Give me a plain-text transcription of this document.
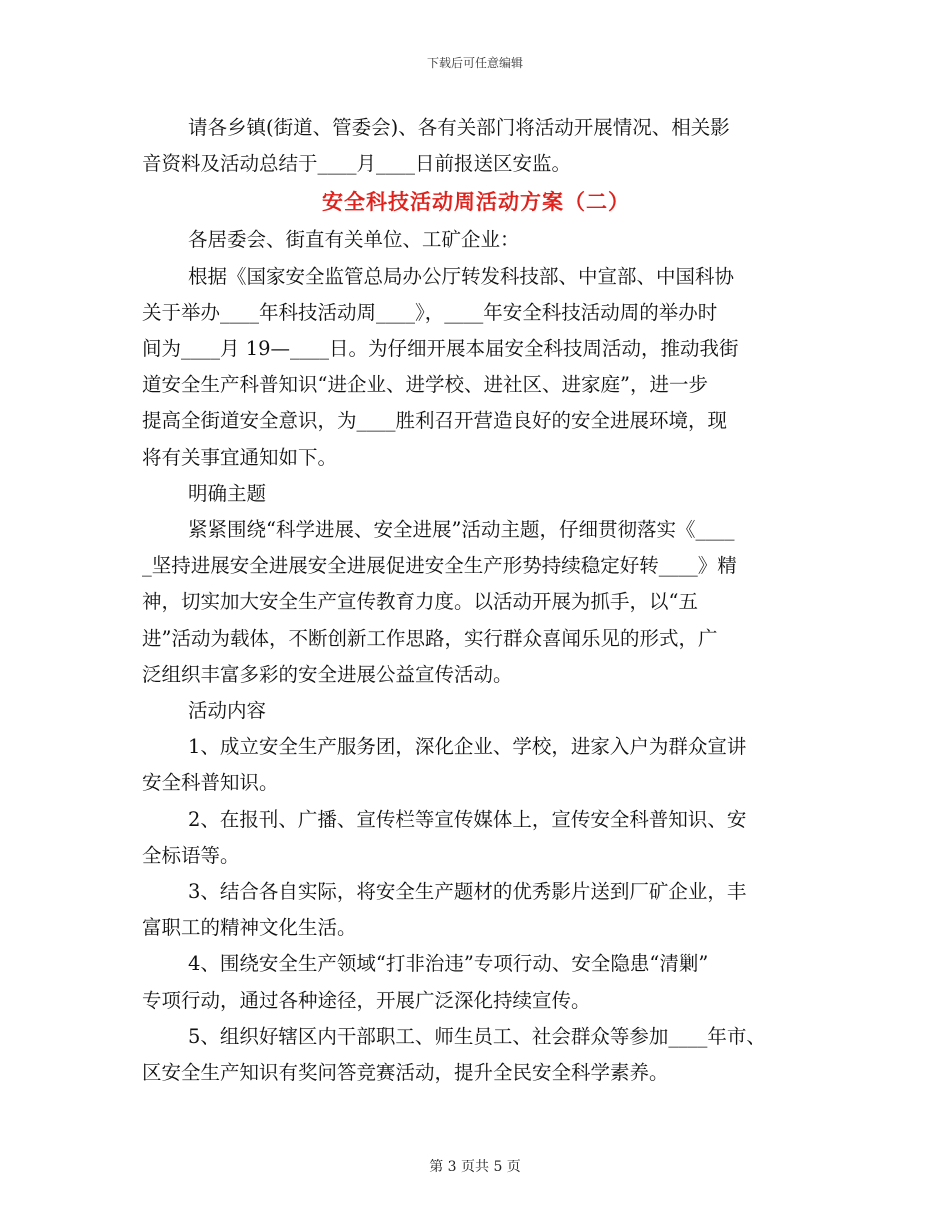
下载后可任意编辑
请各乡镇(街道、管委会)、各有关部门将活动开展情况、相关影
音资料及活动总结于____月____日前报送区安监。
安全科技活动周活动方案（二）
各居委会、街直有关单位、工矿企业：
根据《国家安全监管总局办公厅转发科技部、中宣部、中国科协
关于举办____年科技活动周____》，____年安全科技活动周的举办时
间为____月 19—____日。为仔细开展本届安全科技周活动，推动我街
道安全生产科普知识“进企业、进学校、进社区、进家庭”，进一步
提高全街道安全意识，为____胜利召开营造良好的安全进展环境，现
将有关事宜通知如下。
明确主题
紧紧围绕“科学进展、安全进展”活动主题，仔细贯彻落实《____
_坚持进展安全进展安全进展促进安全生产形势持续稳定好转____》精
神，切实加大安全生产宣传教育力度。以活动开展为抓手，以“五
进”活动为载体，不断创新工作思路，实行群众喜闻乐见的形式，广
泛组织丰富多彩的安全进展公益宣传活动。
活动内容
1、成立安全生产服务团，深化企业、学校，进家入户为群众宣讲
安全科普知识。
2、在报刊、广播、宣传栏等宣传媒体上，宣传安全科普知识、安
全标语等。
3、结合各自实际，将安全生产题材的优秀影片送到厂矿企业，丰
富职工的精神文化生活。
4、围绕安全生产领域“打非治违”专项行动、安全隐患“清剿”
专项行动，通过各种途径，开展广泛深化持续宣传。
5、组织好辖区内干部职工、师生员工、社会群众等参加____年市、
区安全生产知识有奖问答竞赛活动，提升全民安全科学素养。
第 3 页共 5 页
